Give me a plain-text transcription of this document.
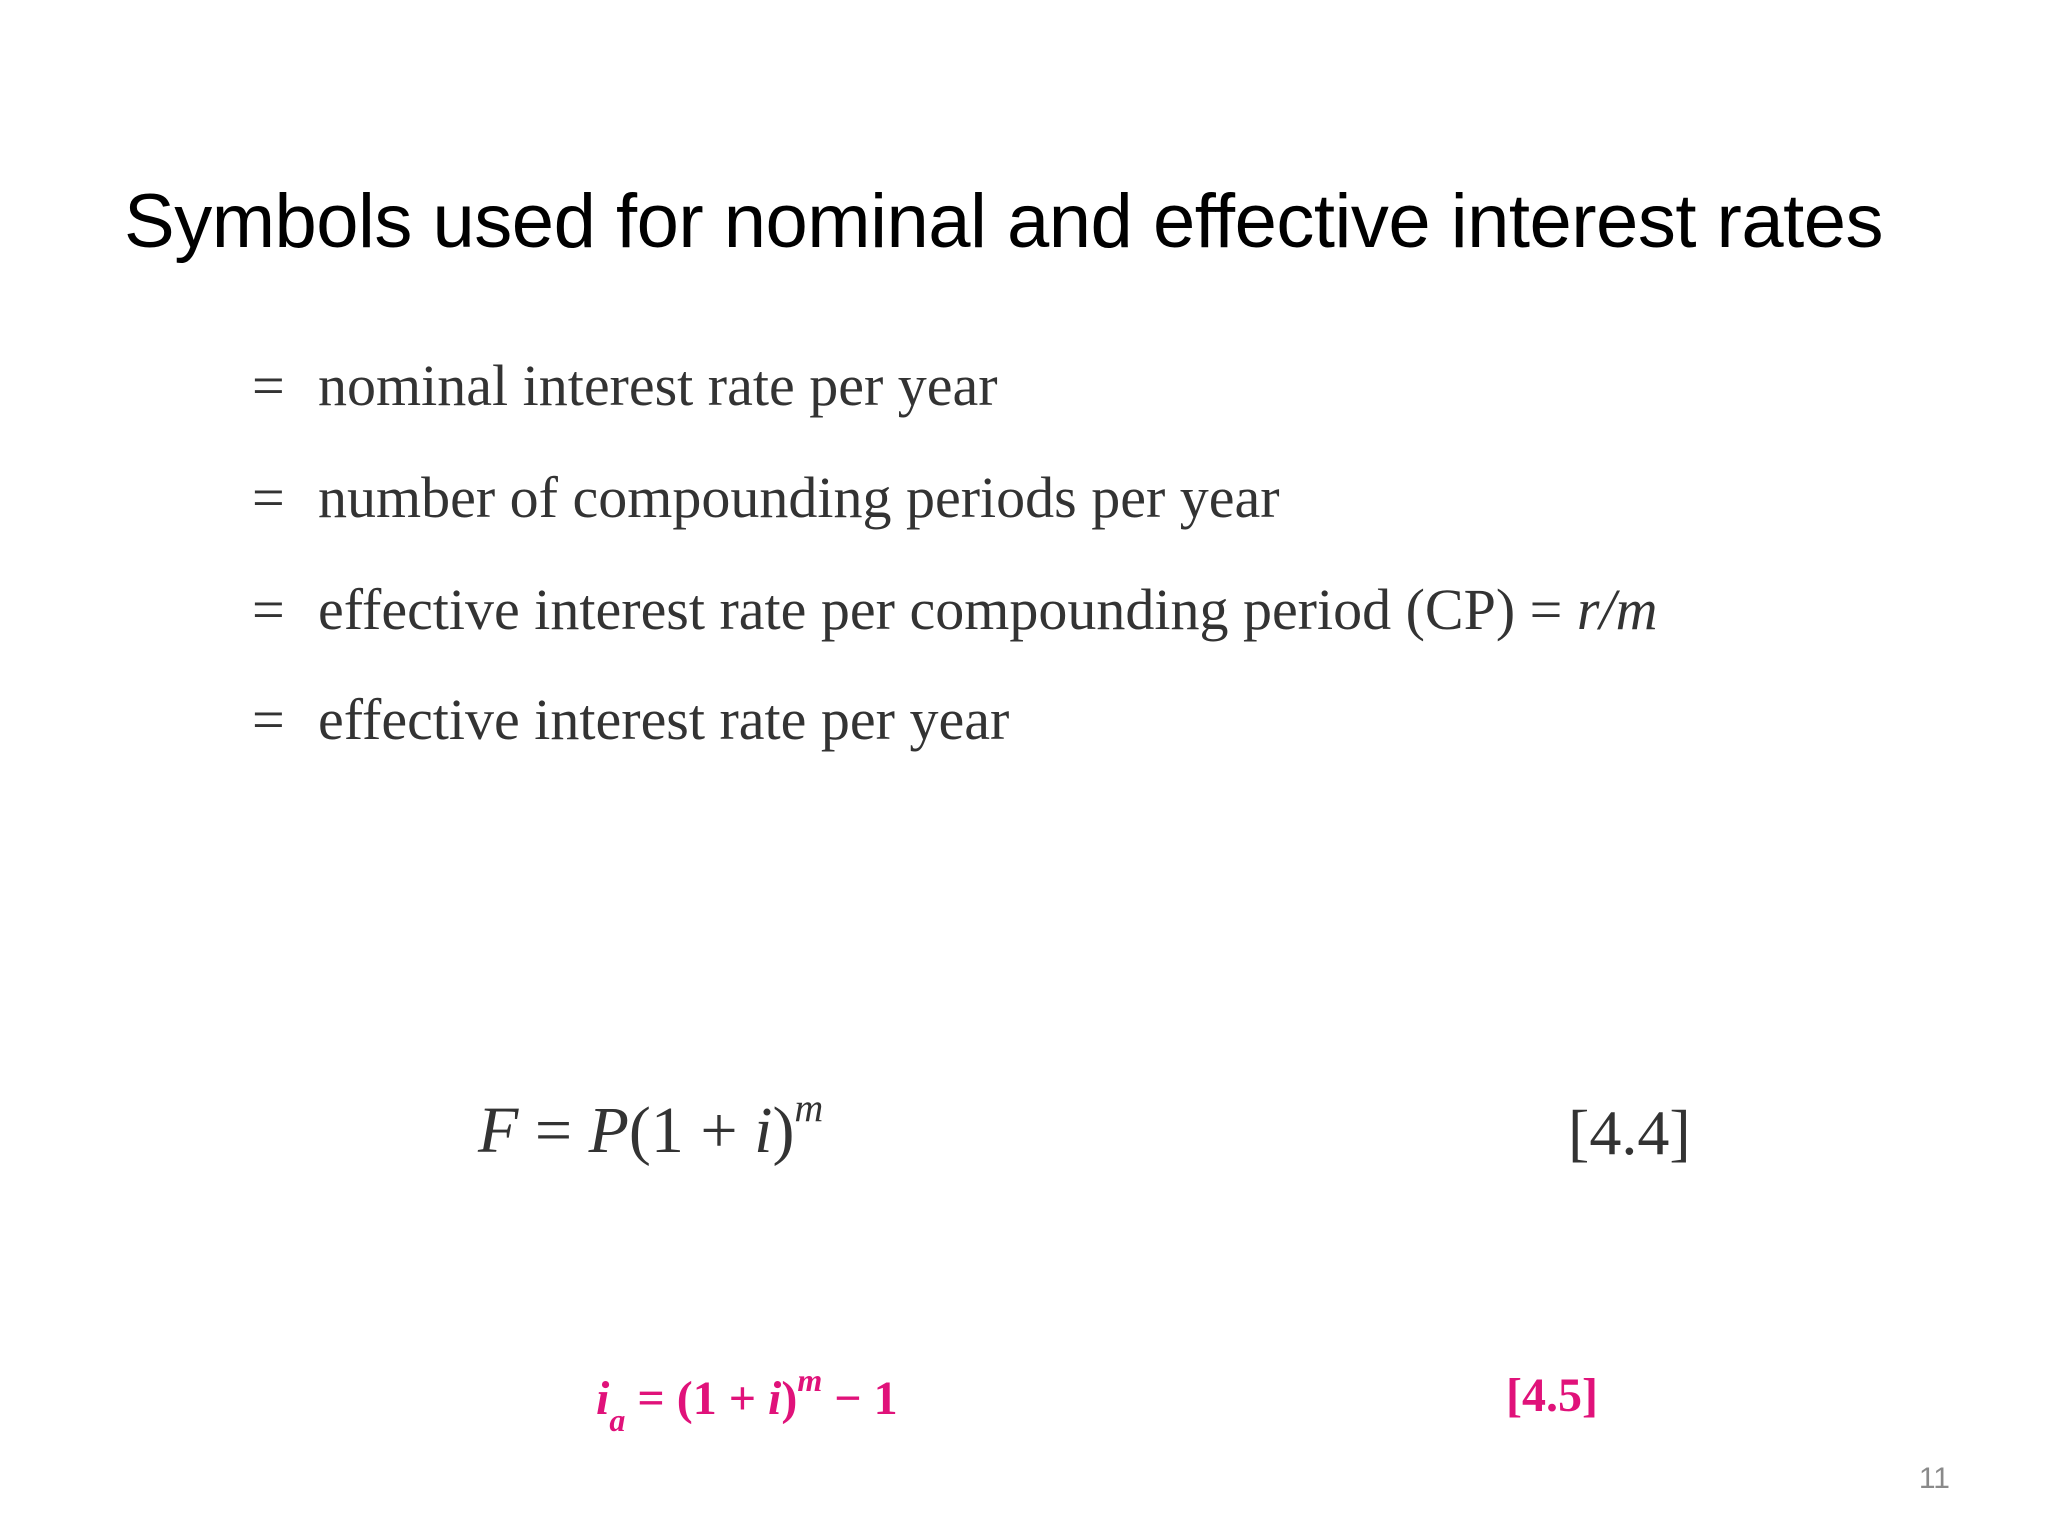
Symbols used for nominal and effective interest rates
= nominal interest rate per year
= number of compounding periods per year
= effective interest rate per compounding period (CP) = r/m
= effective interest rate per year
$F = P(1 + i)^m$	[4.4]
$i_a = (1 + i)^m - 1$	[4.5]
11
